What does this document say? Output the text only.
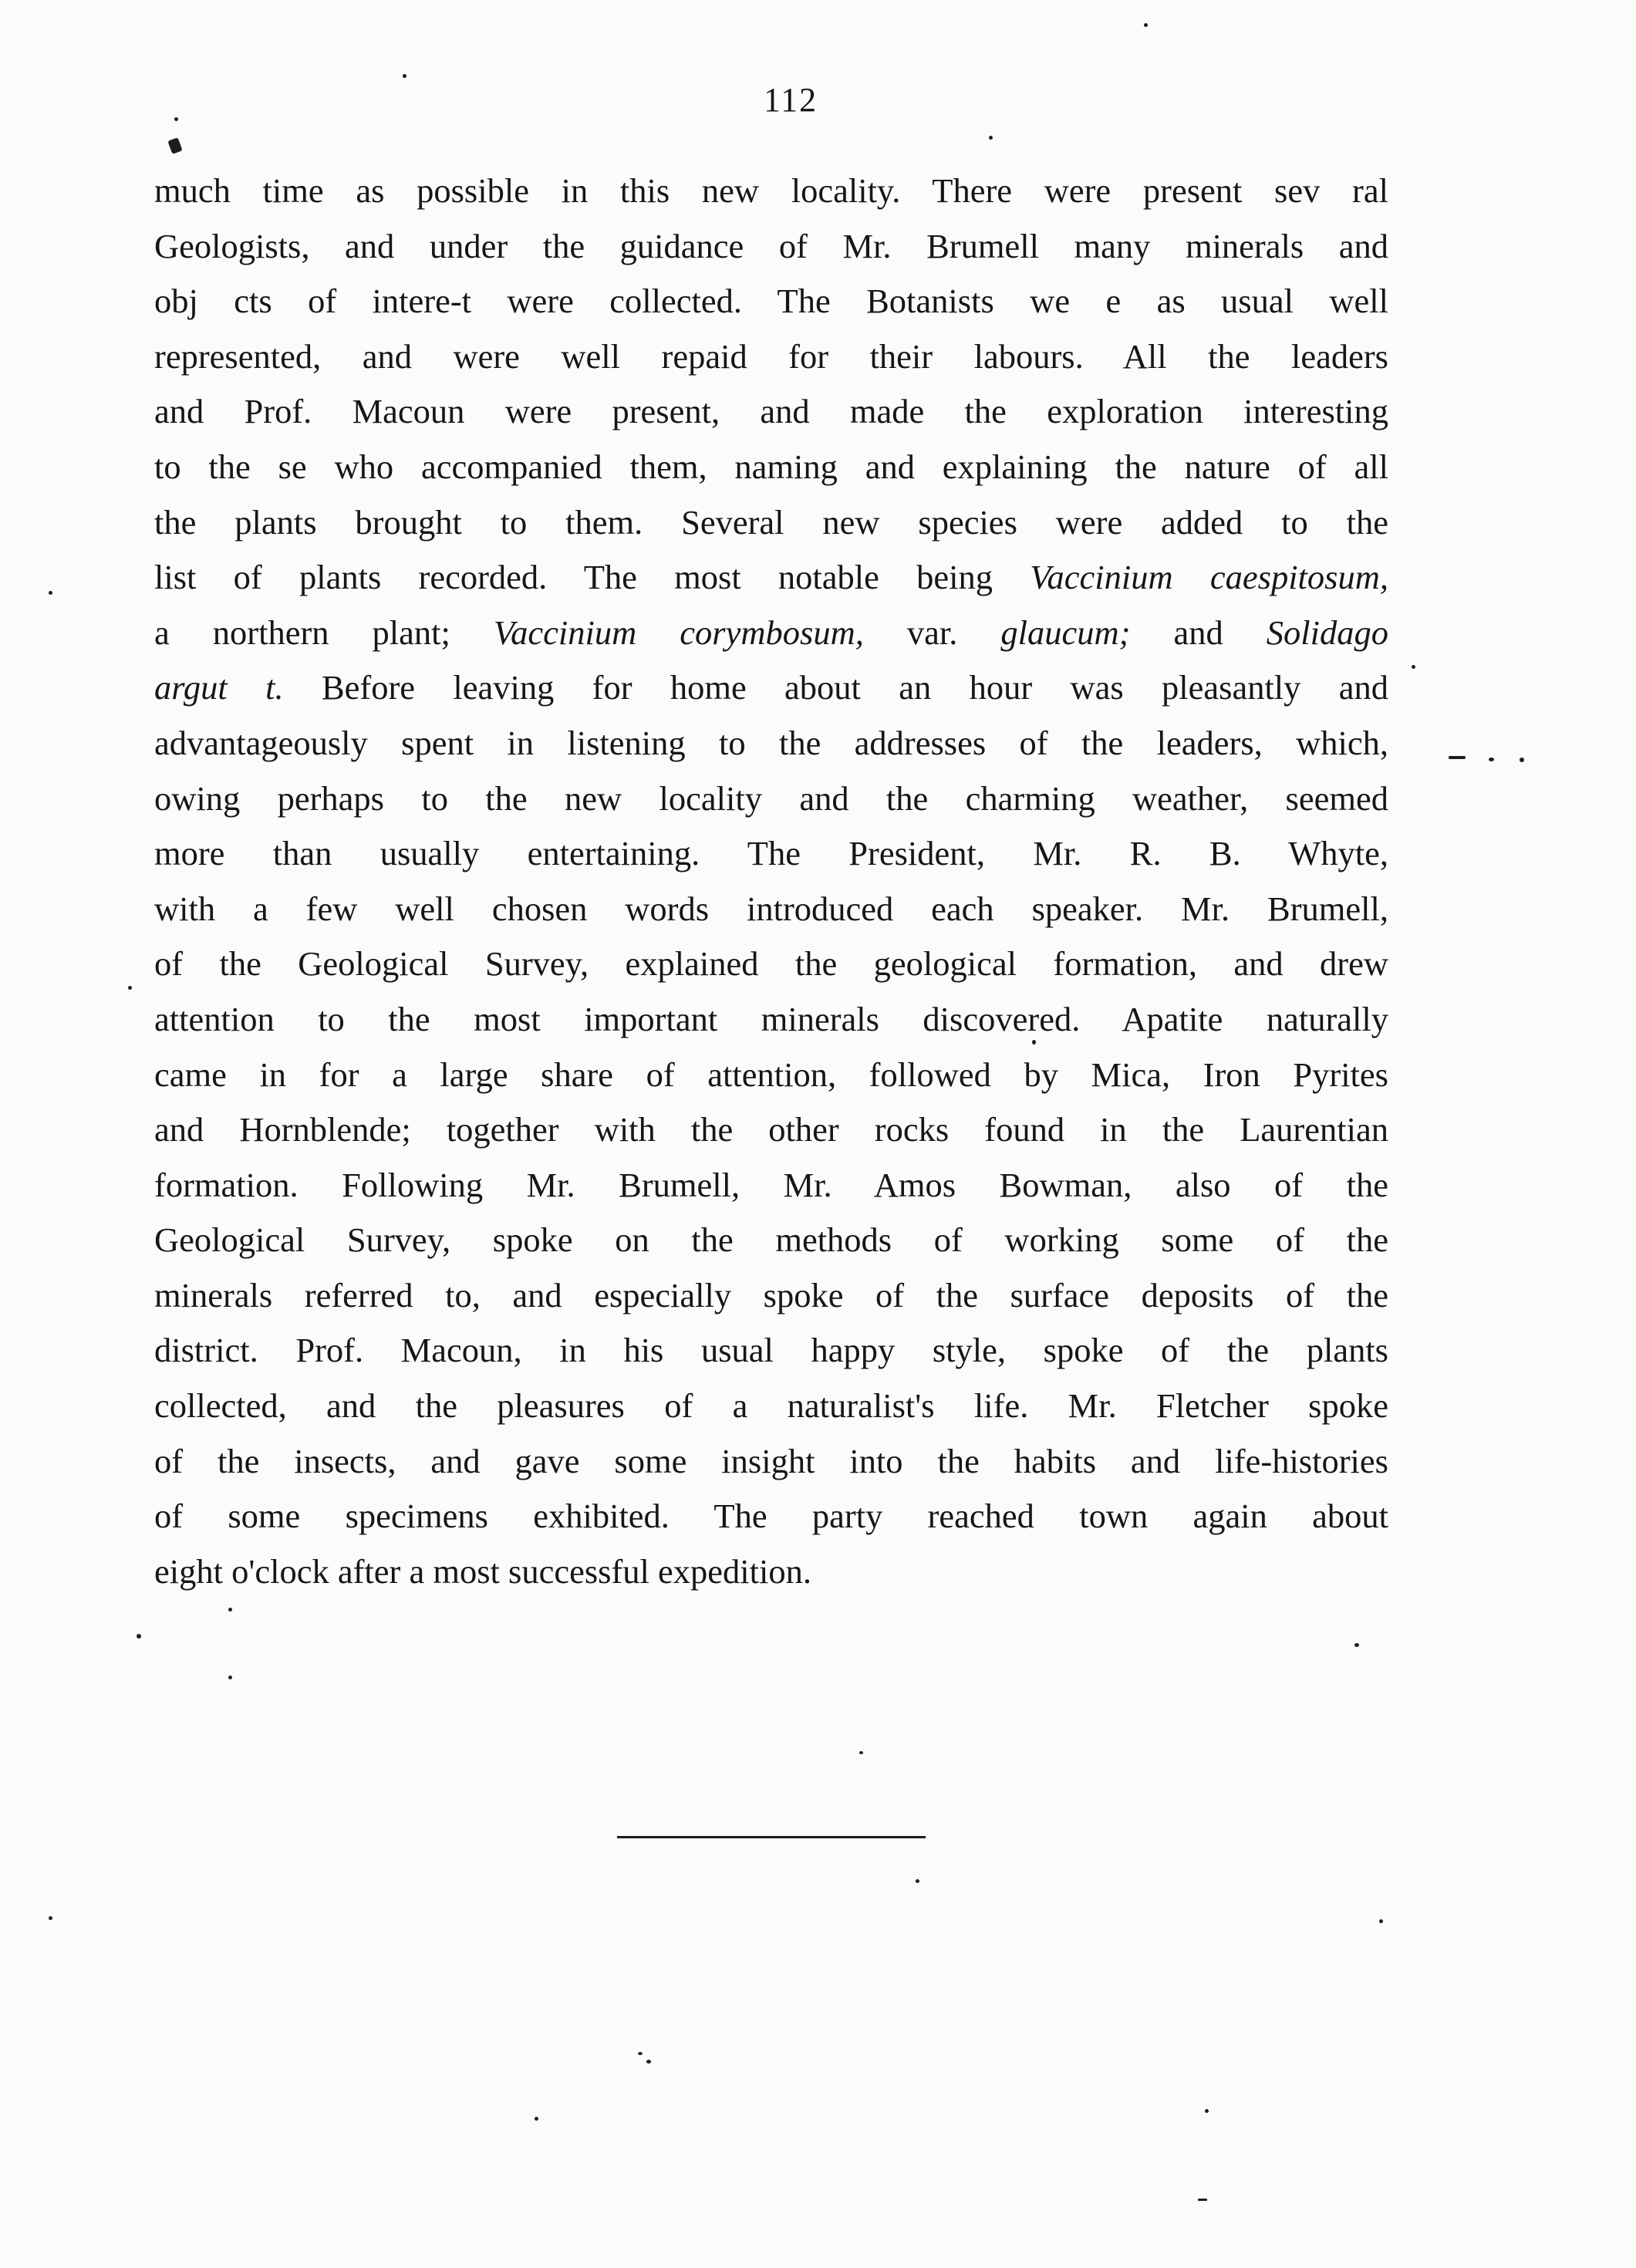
112
much time as possible in this new locality. There were present sev ral
Geologists, and under the guidance of Mr. Brumell many minerals and
obj cts of intere-t were collected. The Botanists we e as usual well
represented, and were well repaid for their labours. All the leaders
and Prof. Macoun were present, and made the exploration interesting
to the se who accompanied them, naming and explaining the nature of all
the plants brought to them. Several new species were added to the
list of plants recorded. The most notable being Vaccinium caespitosum,
a northern plant; Vaccinium corymbosum, var. glaucum; and Solidago
argut t. Before leaving for home about an hour was pleasantly and
advantageously spent in listening to the addresses of the leaders, which,
owing perhaps to the new locality and the charming weather, seemed
more than usually entertaining. The President, Mr. R. B. Whyte,
with a few well chosen words introduced each speaker. Mr. Brumell,
of the Geological Survey, explained the geological formation, and drew
attention to the most important minerals discovered. Apatite naturally
came in for a large share of attention, followed by Mica, Iron Pyrites
and Hornblende; together with the other rocks found in the Laurentian
formation. Following Mr. Brumell, Mr. Amos Bowman, also of the
Geological Survey, spoke on the methods of working some of the
minerals referred to, and especially spoke of the surface deposits of the
district. Prof. Macoun, in his usual happy style, spoke of the plants
collected, and the pleasures of a naturalist's life. Mr. Fletcher spoke
of the insects, and gave some insight into the habits and life-histories
of some specimens exhibited. The party reached town again about
eight o'clock after a most successful expedition.
